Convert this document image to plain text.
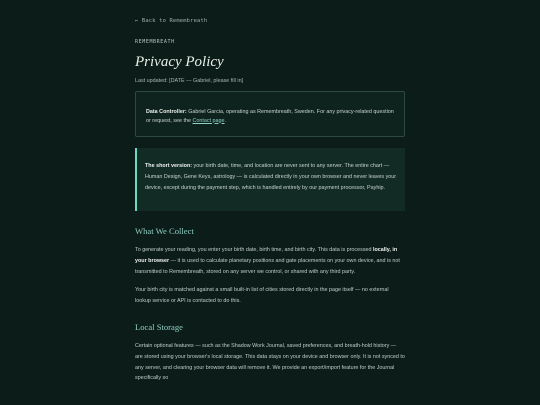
← Back to Remembreath
REMEMBREATH
Privacy Policy
Last updated: [DATE — Gabriel, please fill in]
Data Controller: Gabriel Garcia, operating as Remembreath, Sweden. For any privacy-related question or request, see the Contact page.
The short version: your birth date, time, and location are never sent to any server. The entire chart — Human Design, Gene Keys, astrology — is calculated directly in your own browser and never leaves your device, except during the payment step, which is handled entirely by our payment processor, Payhip.
What We Collect

To generate your reading, you enter your birth date, birth time, and birth city. This data is processed locally, in your browser — it is used to calculate planetary positions and gate placements on your own device, and is not transmitted to Remembreath, stored on any server we control, or shared with any third party.

Your birth city is matched against a small built-in list of cities stored directly in the page itself — no external lookup service or API is contacted to do this.

Local Storage

Certain optional features — such as the Shadow Work Journal, saved preferences, and breath-hold history — are stored using your browser's local storage. This data stays on your device and browser only. It is not synced to any server, and clearing your browser data will remove it. We provide an export/import feature for the Journal specifically so
